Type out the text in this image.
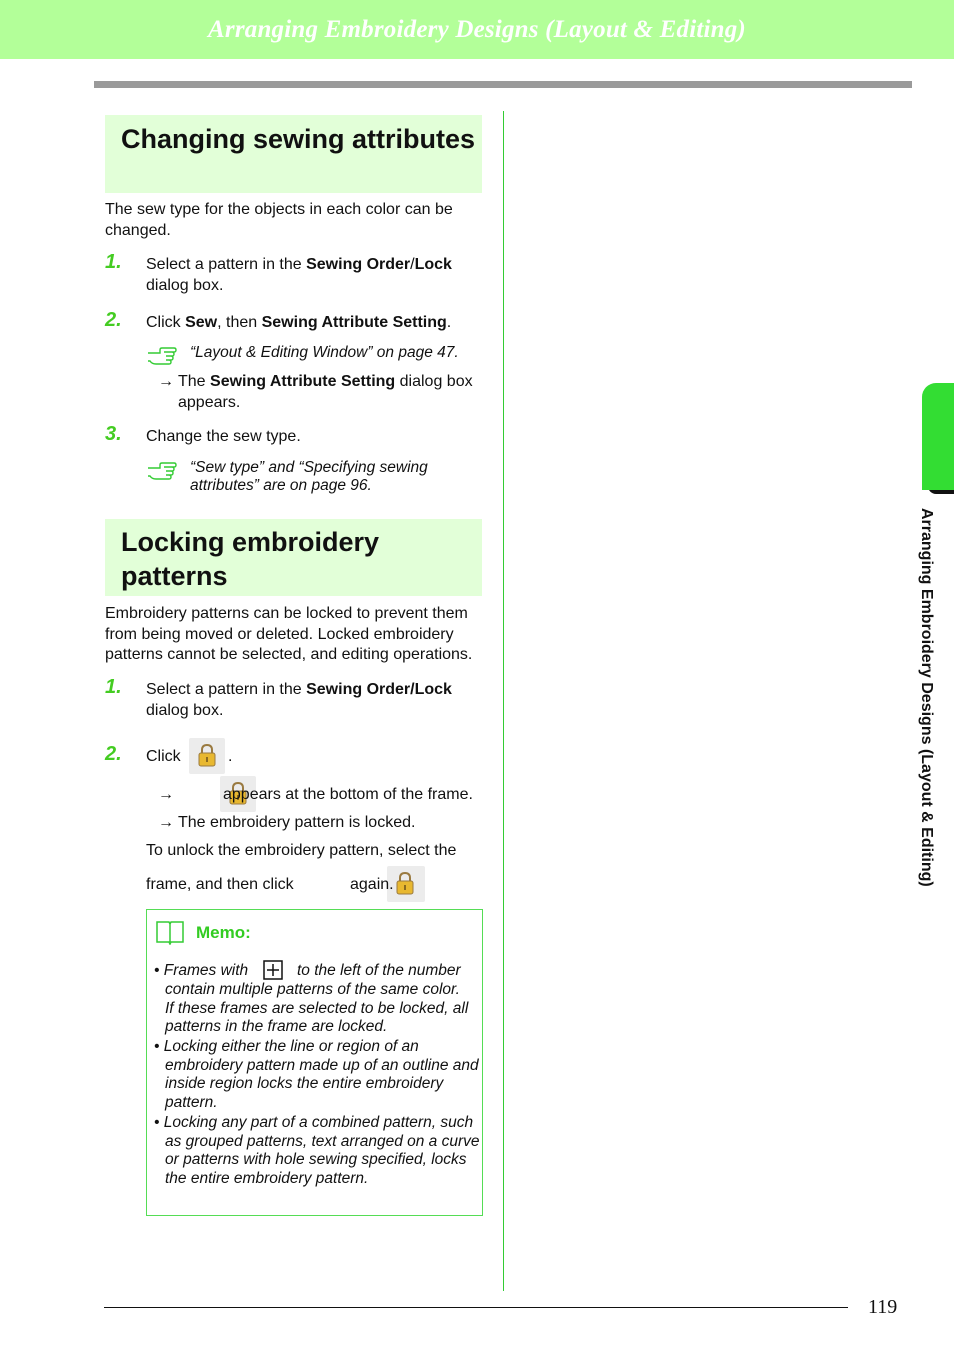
Arranging Embroidery Designs (Layout & Editing)
Changing sewing attributes
The sew type for the objects in each color can be changed.
1. Select a pattern in the Sewing Order/Lock dialog box.
2. Click Sew, then Sewing Attribute Setting.
“Layout & Editing Window” on page 47.
→ The Sewing Attribute Setting dialog box appears.
3. Change the sew type.
“Sew type” and “Specifying sewing attributes” are on page 96.
Locking embroidery
patterns
Embroidery patterns can be locked to prevent them from being moved or deleted. Locked embroidery patterns cannot be selected, and editing operations.
1. Select a pattern in the Sewing Order/Lock dialog box.
2. Click
	.
→
	appears at the bottom of the frame.
→ The embroidery pattern is locked.
To unlock the embroidery pattern, select the
frame, and then click	again.
Memo:
• Frames with	to the left of the number
contain multiple patterns of the same color. If these frames are selected to be locked, all patterns in the frame are locked.
• Locking either the line or region of an embroidery pattern made up of an outline and inside region locks the entire embroidery pattern.
• Locking any part of a combined pattern, such as grouped patterns, text arranged on a curve or patterns with hole sewing specified, locks the entire embroidery pattern.
Arranging Embroidery Designs (Layout & Editing)
119
